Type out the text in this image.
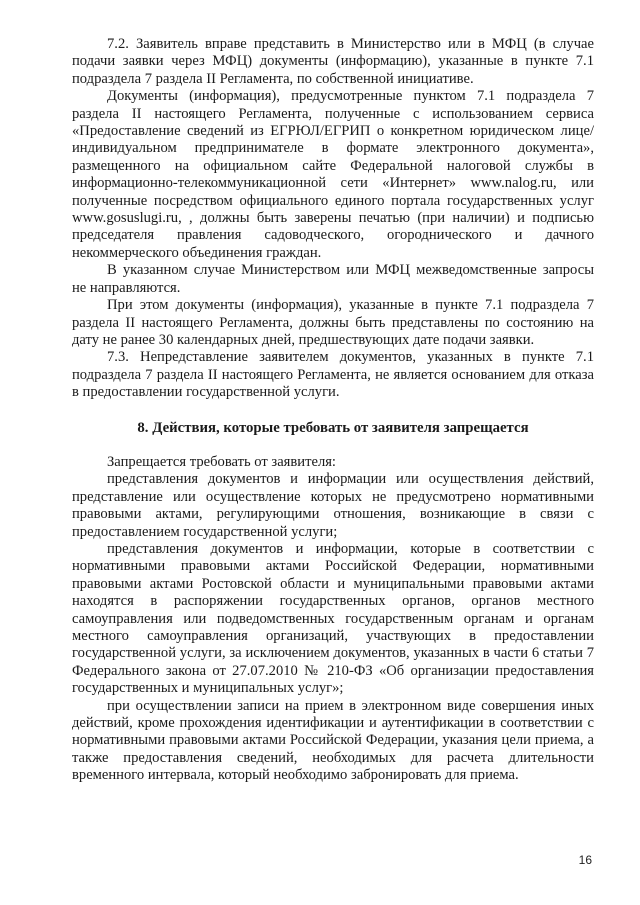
7.2. Заявитель вправе представить в Министерство или в МФЦ (в случае подачи заявки через МФЦ) документы (информацию), указанные в пункте 7.1 подраздела 7 раздела II Регламента, по собственной инициативе.

Документы (информация), предусмотренные пунктом 7.1 подраздела 7 раздела II настоящего Регламента, полученные с использованием сервиса «Предоставление сведений из ЕГРЮЛ/ЕГРИП о конкретном юридическом лице/индивидуальном предпринимателе в формате электронного документа», размещенного на официальном сайте Федеральной налоговой службы в информационно-телекоммуникационной сети «Интернет» www.nalog.ru, или полученные посредством официального единого портала государственных услуг www.gosuslugi.ru, , должны быть заверены печатью (при наличии) и подписью председателя правления садоводческого, огороднического и дачного некоммерческого объединения граждан.

В указанном случае Министерством или МФЦ межведомственные запросы не направляются.

При этом документы (информация), указанные в пункте 7.1 подраздела 7 раздела II настоящего Регламента, должны быть представлены по состоянию на дату не ранее 30 календарных дней, предшествующих дате подачи заявки.

7.3. Непредставление заявителем документов, указанных в пункте 7.1 подраздела 7 раздела II настоящего Регламента, не является основанием для отказа в предоставлении государственной услуги.

8. Действия, которые требовать от заявителя запрещается

Запрещается требовать от заявителя:

представления документов и информации или осуществления действий, представление или осуществление которых не предусмотрено нормативными правовыми актами, регулирующими отношения, возникающие в связи с предоставлением государственной услуги;

представления документов и информации, которые в соответствии с нормативными правовыми актами Российской Федерации, нормативными правовыми актами Ростовской области и муниципальными правовыми актами находятся в распоряжении государственных органов, органов местного самоуправления или подведомственных государственным органам и органам местного самоуправления организаций, участвующих в предоставлении государственной услуги, за исключением документов, указанных в части 6 статьи 7 Федерального закона от 27.07.2010 № 210-ФЗ «Об организации предоставления государственных и муниципальных услуг»;

при осуществлении записи на прием в электронном виде совершения иных действий, кроме прохождения идентификации и аутентификации в соответствии с нормативными правовыми актами Российской Федерации, указания цели приема, а также предоставления сведений, необходимых для расчета длительности временного интервала, который необходимо забронировать для приема.

16
